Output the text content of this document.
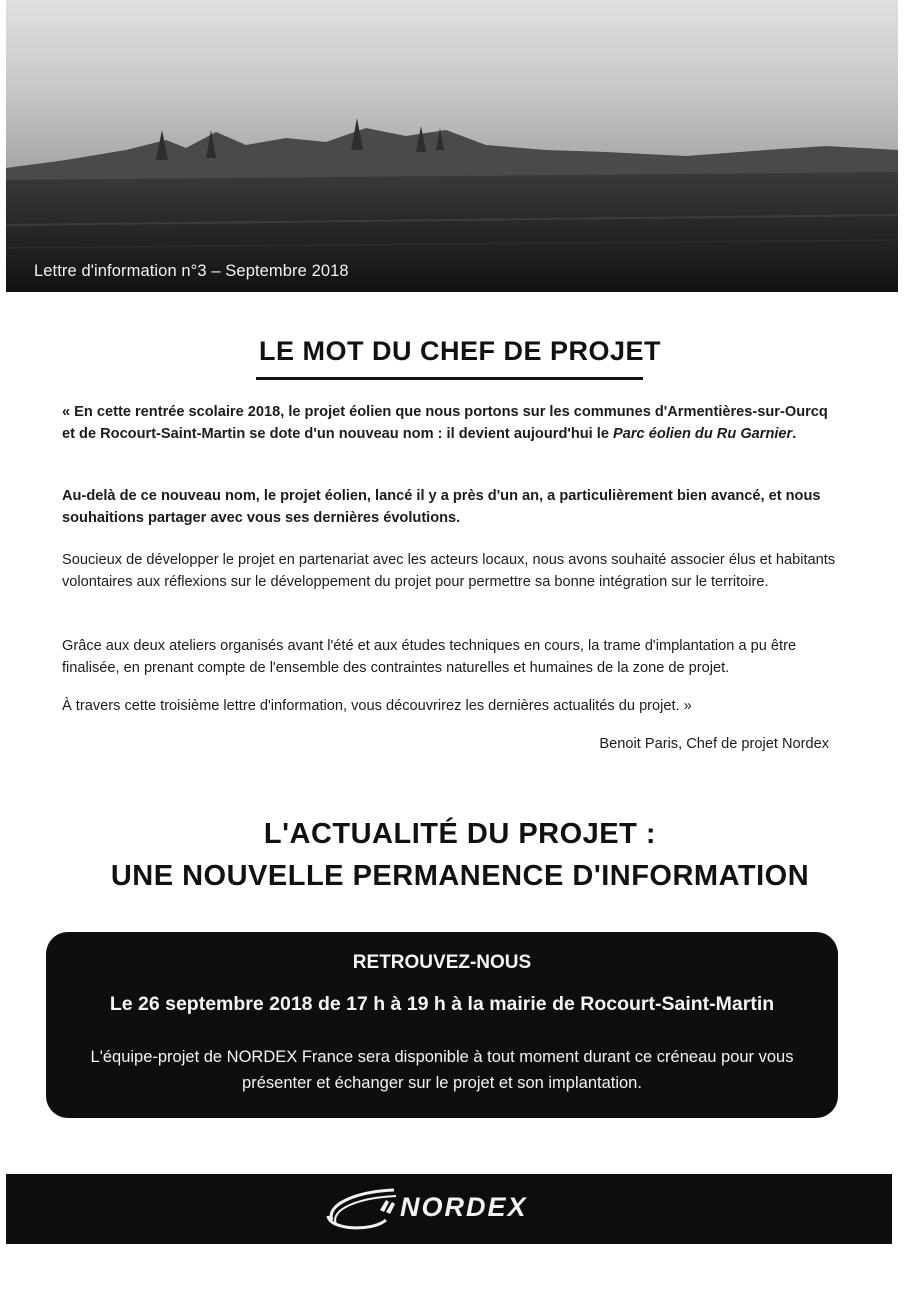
Lettre d'information n°3 – Septembre 2018
LE MOT DU CHEF DE PROJET
« En cette rentrée scolaire 2018, le projet éolien que nous portons sur les communes d'Armentières-sur-Ourcq et de Rocourt-Saint-Martin se dote d'un nouveau nom : il devient aujourd'hui le Parc éolien du Ru Garnier.
Au-delà de ce nouveau nom, le projet éolien, lancé il y a près d'un an, a particulièrement bien avancé, et nous souhaitions partager avec vous ses dernières évolutions.
Soucieux de développer le projet en partenariat avec les acteurs locaux, nous avons souhaité associer élus et habitants volontaires aux réflexions sur le développement du projet pour permettre sa bonne intégration sur le territoire.
Grâce aux deux ateliers organisés avant l'été et aux études techniques en cours, la trame d'implantation a pu être finalisée, en prenant compte de l'ensemble des contraintes naturelles et humaines de la zone de projet.
À travers cette troisième lettre d'information, vous découvrirez les dernières actualités du projet. »
Benoit Paris, Chef de projet Nordex
L'ACTUALITÉ DU PROJET :
UNE NOUVELLE PERMANENCE D'INFORMATION
RETROUVEZ-NOUS
Le 26 septembre 2018 de 17 h à 19 h à la mairie de Rocourt-Saint-Martin
L'équipe-projet de NORDEX France sera disponible à tout moment durant ce créneau pour vous présenter et échanger sur le projet et son implantation.
NORDEX
